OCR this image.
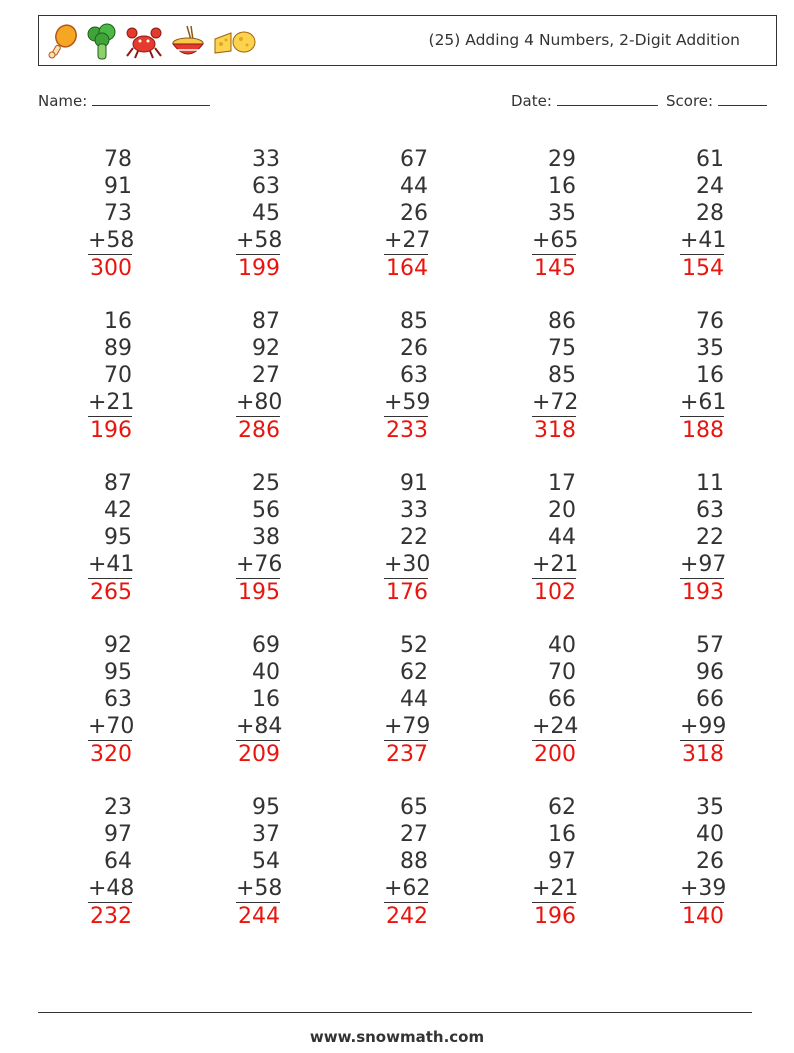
(25) Adding 4 Numbers, 2-Digit Addition
Name:	Date:	Score:
78
91
73
+58
300
33
63
45
+58
199
67
44
26
+27
164
29
16
35
+65
145
61
24
28
+41
154
16
89
70
+21
196
87
92
27
+80
286
85
26
63
+59
233
86
75
85
+72
318
76
35
16
+61
188
87
42
95
+41
265
25
56
38
+76
195
91
33
22
+30
176
17
20
44
+21
102
11
63
22
+97
193
92
95
63
+70
320
69
40
16
+84
209
52
62
44
+79
237
40
70
66
+24
200
57
96
66
+99
318
23
97
64
+48
232
95
37
54
+58
244
65
27
88
+62
242
62
16
97
+21
196
35
40
26
+39
140
www.snowmath.com
